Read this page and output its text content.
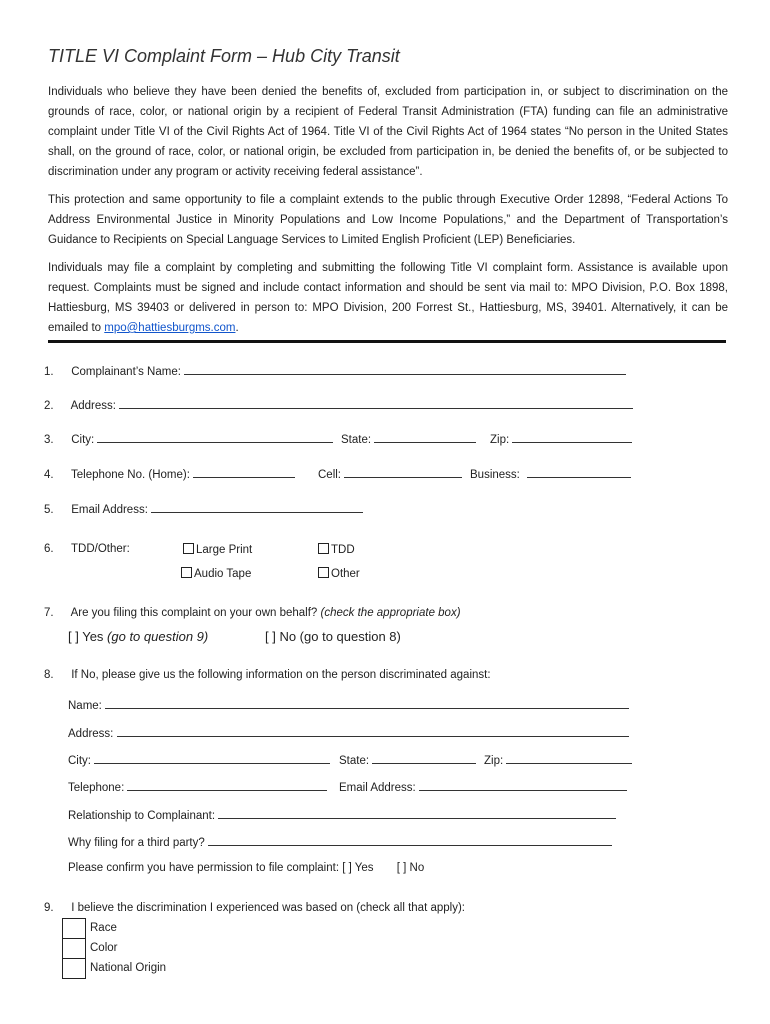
TITLE VI Complaint Form – Hub City Transit
Individuals who believe they have been denied the benefits of, excluded from participation in, or subject to discrimination on the grounds of race, color, or national origin by a recipient of Federal Transit Administration (FTA) funding can file an administrative complaint under Title VI of the Civil Rights Act of 1964. Title VI of the Civil Rights Act of 1964 states “No person in the United States shall, on the ground of race, color, or national origin, be excluded from participation in, be denied the benefits of, or be subjected to discrimination under any program or activity receiving federal assistance”.
This protection and same opportunity to file a complaint extends to the public through Executive Order 12898, “Federal Actions To Address Environmental Justice in Minority Populations and Low Income Populations,” and the Department of Transportation’s Guidance to Recipients on Special Language Services to Limited English Proficient (LEP) Beneficiaries.
Individuals may file a complaint by completing and submitting the following Title VI complaint form. Assistance is available upon request. Complaints must be signed and include contact information and should be sent via mail to: MPO Division, P.O. Box 1898, Hattiesburg, MS 39403 or delivered in person to: MPO Division, 200 Forrest St., Hattiesburg, MS, 39401. Alternatively, it can be emailed to mpo@hattiesburgms.com.
1. Complainant’s Name:
2. Address:
3. City:	State:	Zip:
4. Telephone No. (Home):	Cell:	Business:
5. Email Address:
6. TDD/Other:	Large Print	TDD
Audio Tape	Other
7. Are you filing this complaint on your own behalf? (check the appropriate box)
[ ] Yes (go to question 9)	[ ] No (go to question 8)
8. If No, please give us the following information on the person discriminated against:
Name:
Address:
City:	State:	Zip:
Telephone:	Email Address:
Relationship to Complainant:
Why filing for a third party?
Please confirm you have permission to file complaint: [ ] Yes [ ] No
9. I believe the discrimination I experienced was based on (check all that apply):
Race
Color
National Origin
